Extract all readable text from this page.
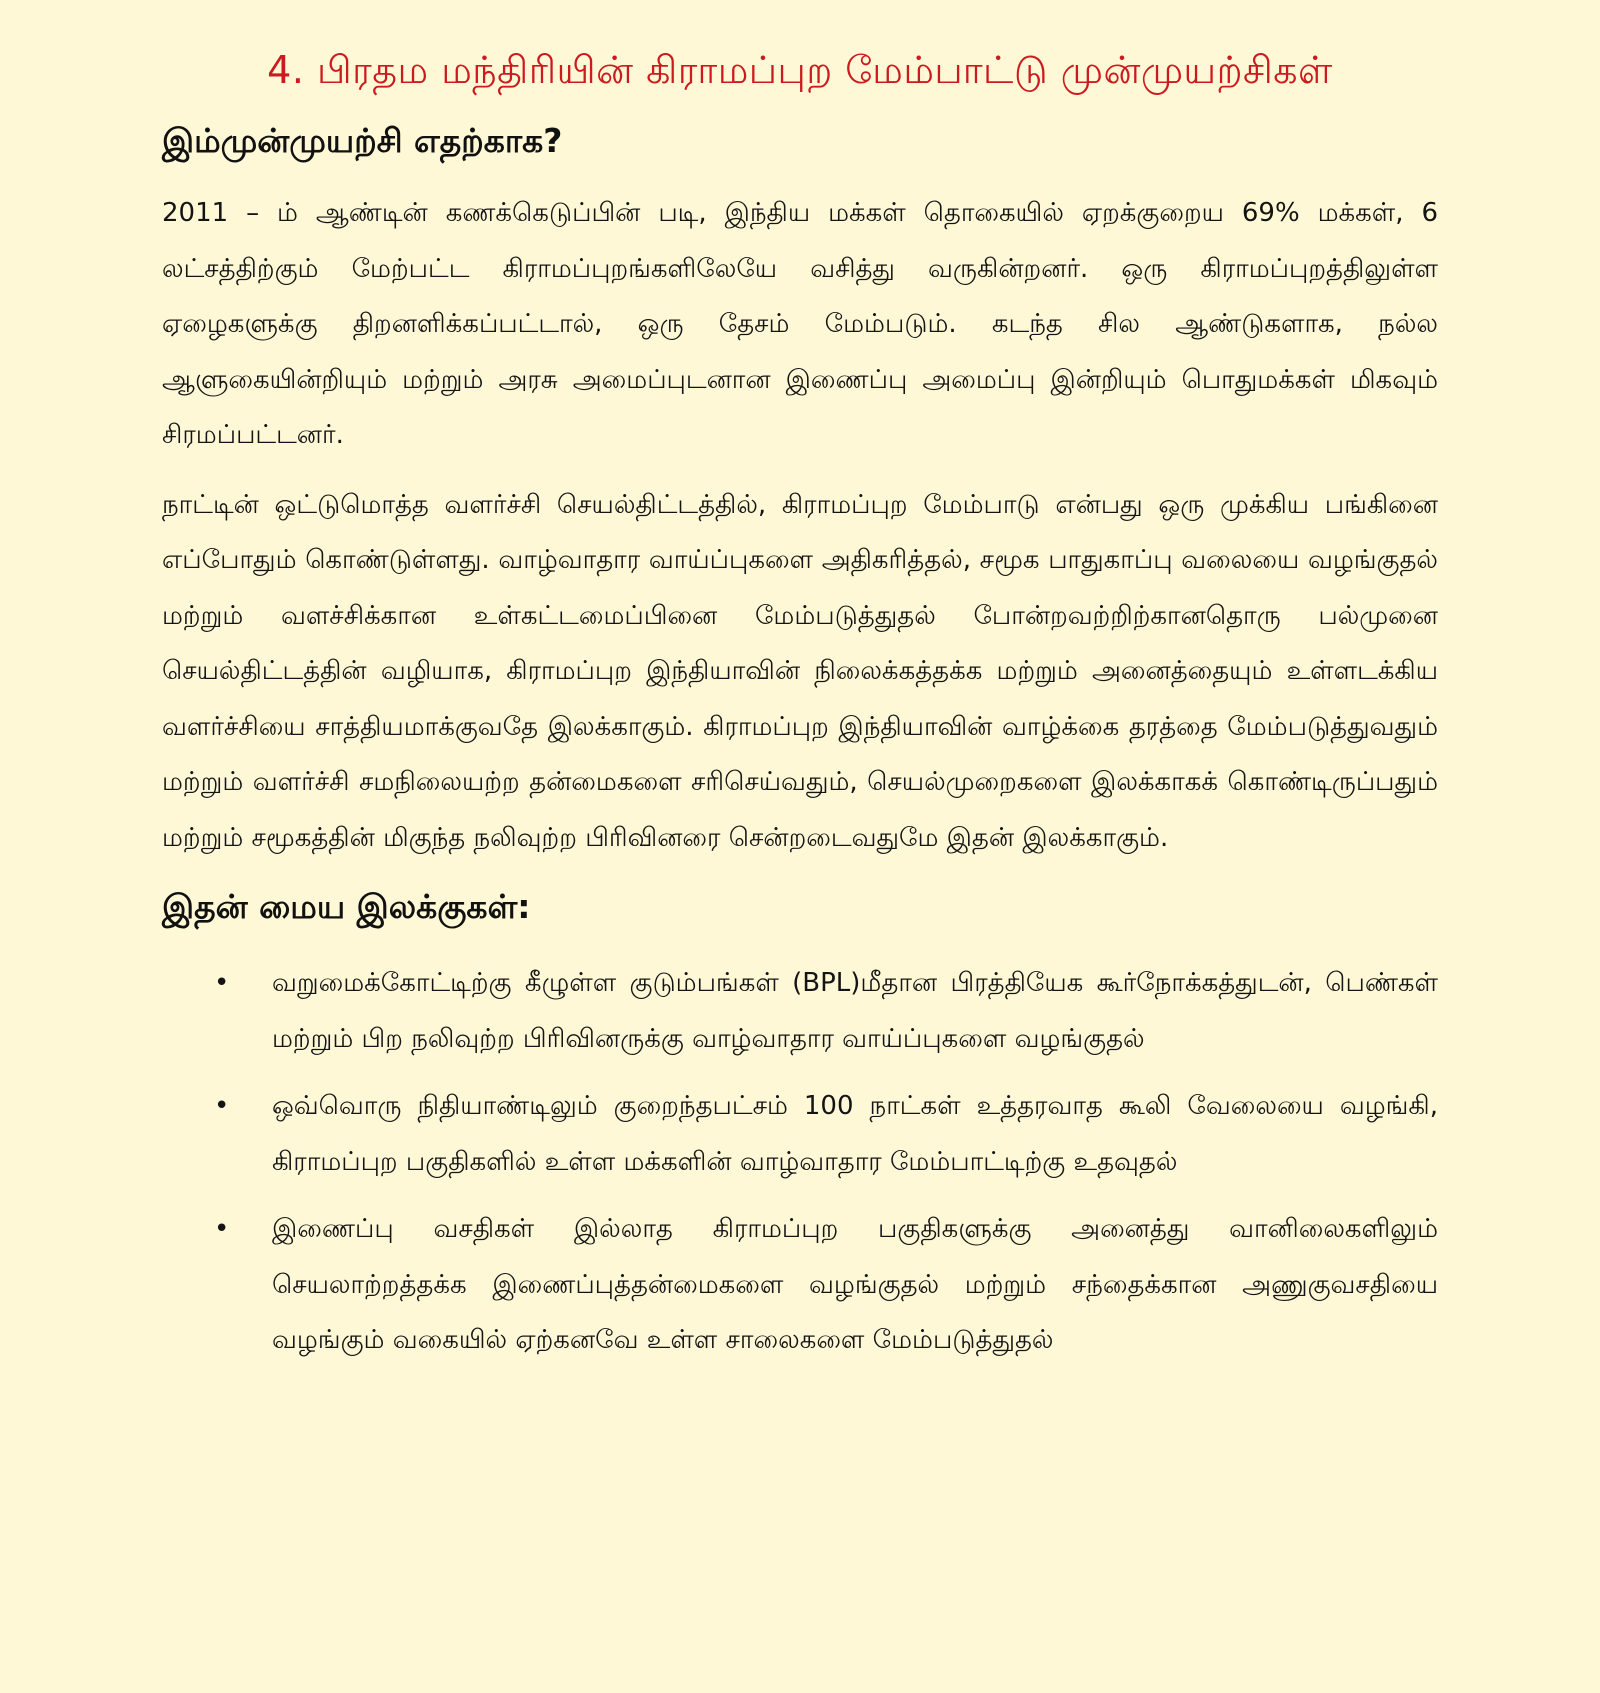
4. பிரதம மந்திரியின் கிராமப்புற மேம்பாட்டு முன்முயற்சிகள்
இம்முன்முயற்சி எதற்காக?

2011 – ம் ஆண்டின் கணக்கெடுப்பின் படி, இந்திய மக்கள் தொகையில் ஏறக்குறைய 69% மக்கள், 6 லட்சத்திற்கும் மேற்பட்ட கிராமப்புறங்களிலேயே வசித்து வருகின்றனர். ஒரு கிராமப்புறத்திலுள்ள ஏழைகளுக்கு திறனளிக்கப்பட்டால், ஒரு தேசம் மேம்படும். கடந்த சில ஆண்டுகளாக, நல்ல ஆளுகையின்றியும் மற்றும் அரசு அமைப்புடனான இணைப்பு அமைப்பு இன்றியும் பொதுமக்கள் மிகவும் சிரமப்பட்டனர்.

நாட்டின் ஒட்டுமொத்த வளர்ச்சி செயல்திட்டத்தில், கிராமப்புற மேம்பாடு என்பது ஒரு முக்கிய பங்கினை எப்போதும் கொண்டுள்ளது. வாழ்வாதார வாய்ப்புகளை அதிகரித்தல், சமூக பாதுகாப்பு வலையை வழங்குதல் மற்றும் வளச்சிக்கான உள்கட்டமைப்பினை மேம்படுத்துதல் போன்றவற்றிற்கானதொரு பல்முனை செயல்திட்டத்தின் வழியாக, கிராமப்புற இந்தியாவின் நிலைக்கத்தக்க மற்றும் அனைத்தையும் உள்ளடக்கிய வளர்ச்சியை சாத்தியமாக்குவதே இலக்காகும். கிராமப்புற இந்தியாவின் வாழ்க்கை தரத்தை மேம்படுத்துவதும் மற்றும் வளர்ச்சி சமநிலையற்ற தன்மைகளை சரிசெய்வதும், செயல்முறைகளை இலக்காகக் கொண்டிருப்பதும் மற்றும் சமூகத்தின் மிகுந்த நலிவுற்ற பிரிவினரை சென்றடைவதுமே இதன் இலக்காகும்.

இதன் மைய இலக்குகள்:
• வறுமைக்கோட்டிற்கு கீழுள்ள குடும்பங்கள் (BPL)மீதான பிரத்தியேக கூர்நோக்கத்துடன், பெண்கள் மற்றும் பிற நலிவுற்ற பிரிவினருக்கு வாழ்வாதார வாய்ப்புகளை வழங்குதல்
• ஒவ்வொரு நிதியாண்டிலும் குறைந்தபட்சம் 100 நாட்கள் உத்தரவாத கூலி வேலையை வழங்கி, கிராமப்புற பகுதிகளில் உள்ள மக்களின் வாழ்வாதார மேம்பாட்டிற்கு உதவுதல்
• இணைப்பு வசதிகள் இல்லாத கிராமப்புற பகுதிகளுக்கு அனைத்து வானிலைகளிலும் செயலாற்றத்தக்க இணைப்புத்தன்மைகளை வழங்குதல் மற்றும் சந்தைக்கான அணுகுவசதியை வழங்கும் வகையில் ஏற்கனவே உள்ள சாலைகளை மேம்படுத்துதல்
